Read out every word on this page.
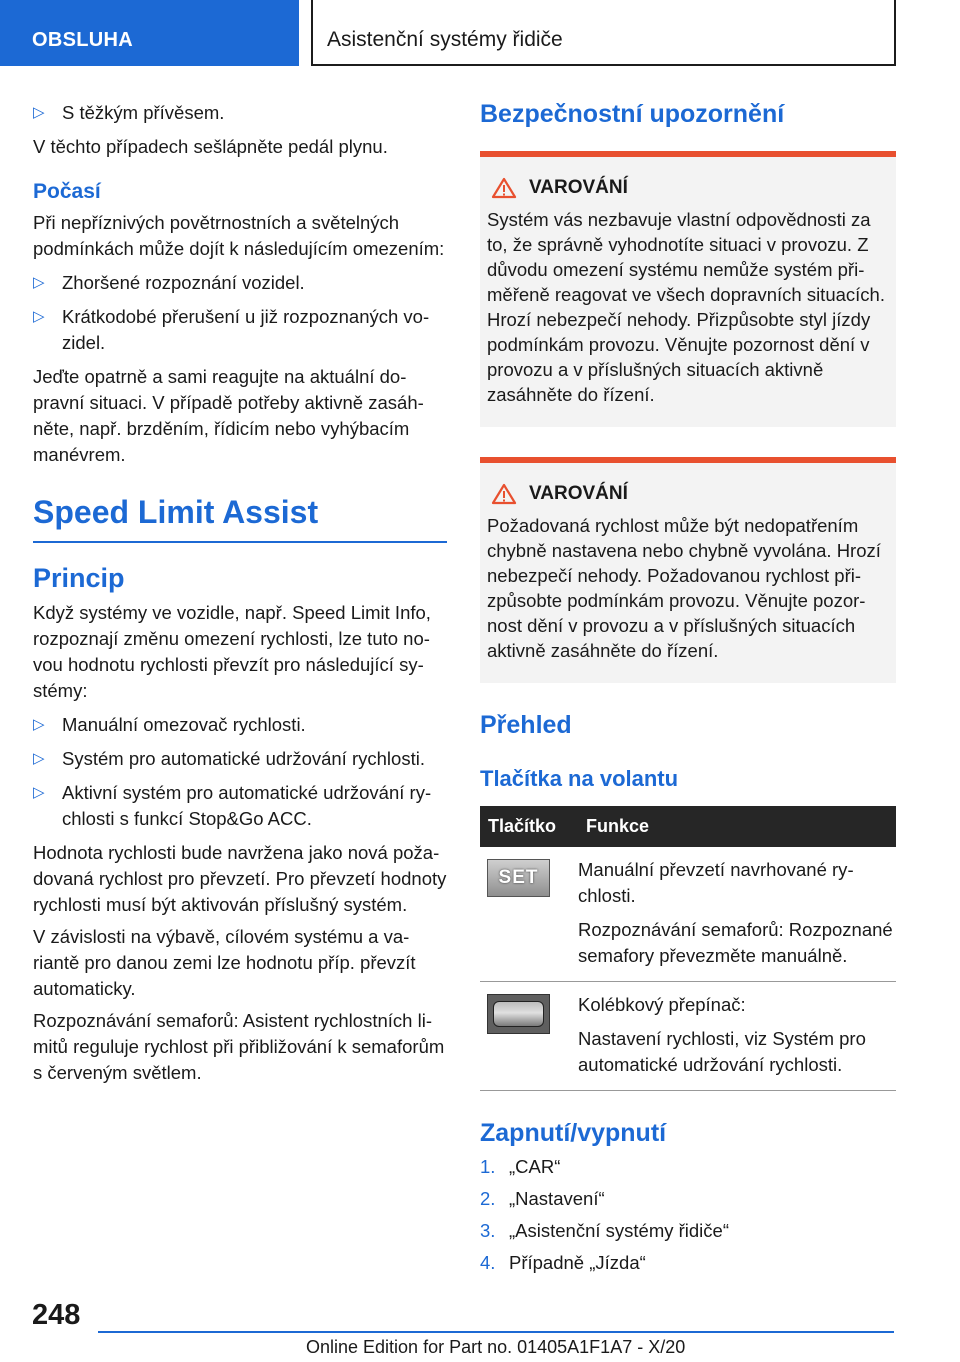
OBSLUHA	Asistenční systémy řidiče
▷ S těžkým přívěsem.

V těchto případech sešlápněte pedál plynu.

Počasí

Při nepříznivých povětrnostních a světelných podmínkách může dojít k následujícím omezením:

▷ Zhoršené rozpoznání vozidel.
▷ Krátkodobé přerušení u již rozpoznaných vozidel.

Jeďte opatrně a sami reagujte na aktuální dopravní situaci. V případě potřeby aktivně zasáhněte, např. brzděním, řídicím nebo vyhýbacím manévrem.

Speed Limit Assist
Princip

Když systémy ve vozidle, např. Speed Limit Info, rozpoznají změnu omezení rychlosti, lze tuto novou hodnotu rychlosti převzít pro následující systémy:

▷ Manuální omezovač rychlosti.
▷ Systém pro automatické udržování rychlosti.
▷ Aktivní systém pro automatické udržování rychlosti s funkcí Stop&Go ACC.

Hodnota rychlosti bude navržena jako nová požadovaná rychlost pro převzetí. Pro převzetí hodnoty rychlosti musí být aktivován příslušný systém.

V závislosti na výbavě, cílovém systému a variantě pro danou zemi lze hodnotu příp. převzít automaticky.

Rozpoznávání semaforů: Asistent rychlostních limitů reguluje rychlost při přibližování k semaforům s červeným světlem.

Bezpečnostní upozornění
VAROVÁNÍ

Systém vás nezbavuje vlastní odpovědnosti za to, že správně vyhodnotíte situaci v provozu. Z důvodu omezení systému nemůže systém přiměřeně reagovat ve všech dopravních situacích. Hrozí nebezpečí nehody. Přizpůsobte styl jízdy podmínkám provozu. Věnujte pozornost dění v provozu a v příslušných situacích aktivně zasáhněte do řízení.

VAROVÁNÍ

Požadovaná rychlost může být nedopatřením chybně nastavena nebo chybně vyvolána. Hrozí nebezpečí nehody. Požadovanou rychlost přizpůsobte podmínkám provozu. Věnujte pozornost dění v provozu a v příslušných situacích aktivně zasáhněte do řízení.

Přehled
Tlačítka na volantu
Tlačítko	Funkce

SET	Manuální převzetí navrhované rychlosti.

Rozpoznávání semaforů: Rozpoznané semafory převezměte manuálně.

	Kolébkový přepínač:

Nastavení rychlosti, viz Systém pro automatické udržování rychlosti.

Zapnutí/vypnutí
1. „CAR“
2. „Nastavení“
3. „Asistenční systémy řidiče“
4. Případně „Jízda“
248
Online Edition for Part no. 01405A1F1A7 - X/20
